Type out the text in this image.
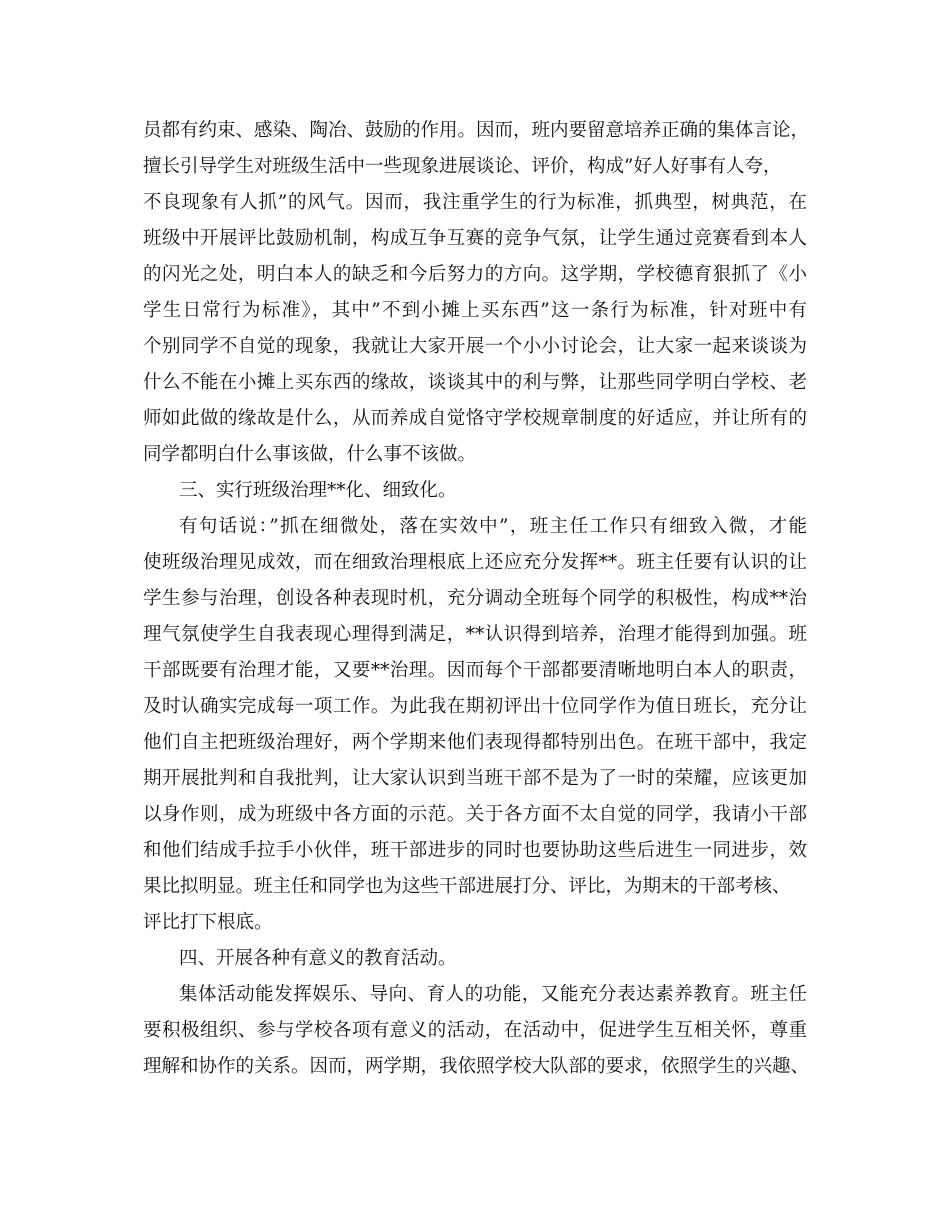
员都有约束、感染、陶冶、鼓励的作用。因而，班内要留意培养正确的集体言论，
擅长引导学生对班级生活中一些现象进展谈论、评价，构成”好人好事有人夸，
不良现象有人抓”的风气。因而，我注重学生的行为标准，抓典型，树典范，在
班级中开展评比鼓励机制，构成互争互赛的竞争气氛，让学生通过竞赛看到本人
的闪光之处，明白本人的缺乏和今后努力的方向。这学期，学校德育狠抓了《小
学生日常行为标准》，其中”不到小摊上买东西”这一条行为标准，针对班中有
个别同学不自觉的现象，我就让大家开展一个小小讨论会，让大家一起来谈谈为
什么不能在小摊上买东西的缘故，谈谈其中的利与弊，让那些同学明白学校、老
师如此做的缘故是什么，从而养成自觉恪守学校规章制度的好适应，并让所有的
同学都明白什么事该做，什么事不该做。
三、实行班级治理**化、细致化。
有句话说：”抓在细微处，落在实效中”，班主任工作只有细致入微，才能
使班级治理见成效，而在细致治理根底上还应充分发挥**。班主任要有认识的让
学生参与治理，创设各种表现时机，充分调动全班每个同学的积极性，构成**治
理气氛使学生自我表现心理得到满足，**认识得到培养，治理才能得到加强。班
干部既要有治理才能，又要**治理。因而每个干部都要清晰地明白本人的职责，
及时认确实完成每一项工作。为此我在期初评出十位同学作为值日班长，充分让
他们自主把班级治理好，两个学期来他们表现得都特别出色。在班干部中，我定
期开展批判和自我批判，让大家认识到当班干部不是为了一时的荣耀，应该更加
以身作则，成为班级中各方面的示范。关于各方面不太自觉的同学，我请小干部
和他们结成手拉手小伙伴，班干部进步的同时也要协助这些后进生一同进步，效
果比拟明显。班主任和同学也为这些干部进展打分、评比，为期末的干部考核、
评比打下根底。
四、开展各种有意义的教育活动。
集体活动能发挥娱乐、导向、育人的功能，又能充分表达素养教育。班主任
要积极组织、参与学校各项有意义的活动，在活动中，促进学生互相关怀，尊重
理解和协作的关系。因而，两学期，我依照学校大队部的要求，依照学生的兴趣、
